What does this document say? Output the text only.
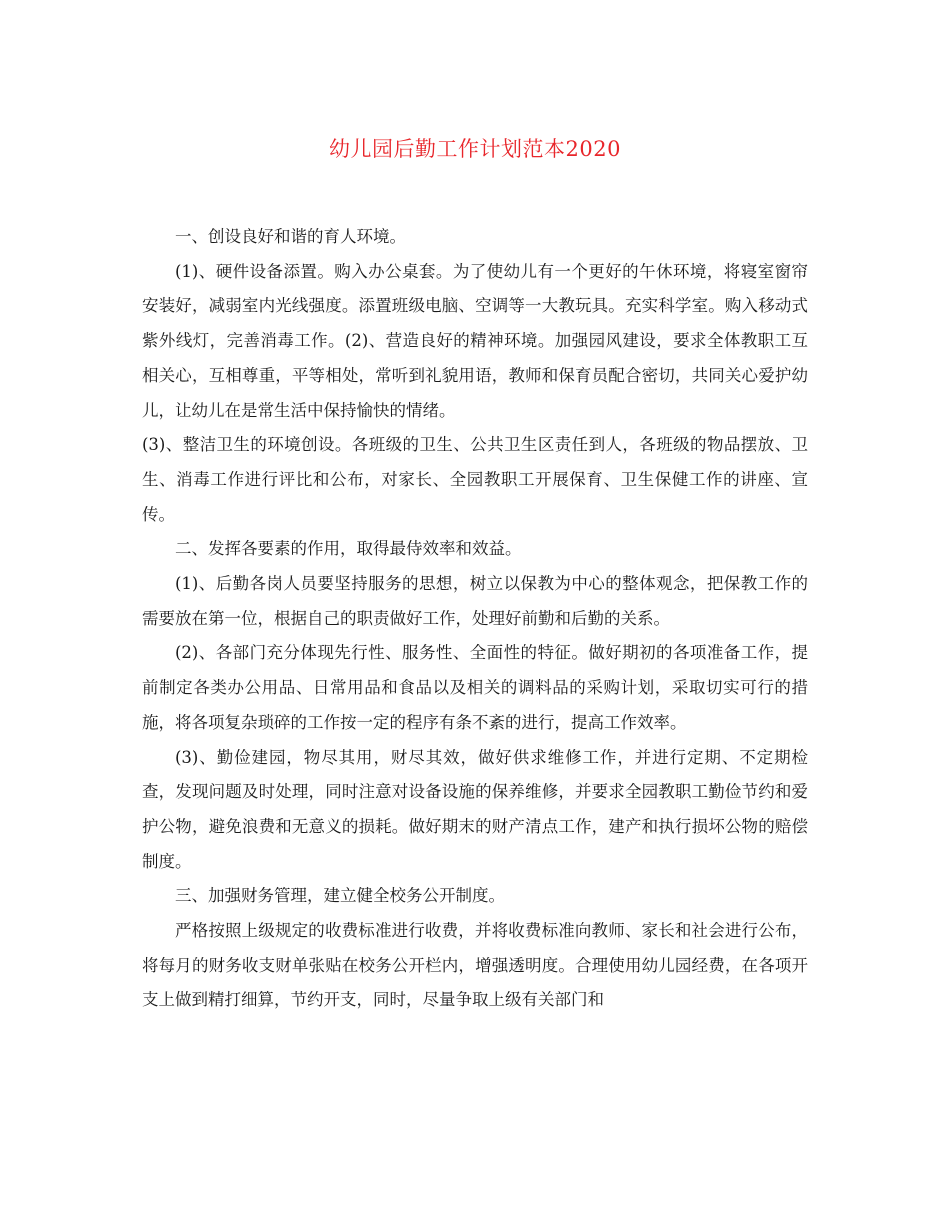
幼儿园后勤工作计划范本2020

一、创设良好和谐的育人环境。

(1)、硬件设备添置。购入办公桌套。为了使幼儿有一个更好的午休环境，将寝室窗帘安装好，减弱室内光线强度。添置班级电脑、空调等一大教玩具。充实科学室。购入移动式紫外线灯，完善消毒工作。(2)、营造良好的精神环境。加强园风建设，要求全体教职工互相关心，互相尊重，平等相处，常听到礼貌用语，教师和保育员配合密切，共同关心爱护幼儿，让幼儿在是常生活中保持愉快的情绪。

(3)、整洁卫生的环境创设。各班级的卫生、公共卫生区责任到人，各班级的物品摆放、卫生、消毒工作进行评比和公布，对家长、全园教职工开展保育、卫生保健工作的讲座、宣传。

二、发挥各要素的作用，取得最侍效率和效益。

(1)、后勤各岗人员要坚持服务的思想，树立以保教为中心的整体观念，把保教工作的需要放在第一位，根据自己的职责做好工作，处理好前勤和后勤的关系。

(2)、各部门充分体现先行性、服务性、全面性的特征。做好期初的各项准备工作，提前制定各类办公用品、日常用品和食品以及相关的调料品的采购计划，采取切实可行的措施，将各项复杂琐碎的工作按一定的程序有条不紊的进行，提高工作效率。

(3)、勤俭建园，物尽其用，财尽其效，做好供求维修工作，并进行定期、不定期检查，发现问题及时处理，同时注意对设备设施的保养维修，并要求全园教职工勤俭节约和爱护公物，避免浪费和无意义的损耗。做好期末的财产清点工作，建产和执行损坏公物的赔偿制度。

三、加强财务管理，建立健全校务公开制度。

严格按照上级规定的收费标准进行收费，并将收费标准向教师、家长和社会进行公布，将每月的财务收支财单张贴在校务公开栏内，增强透明度。合理使用幼儿园经费，在各项开支上做到精打细算，节约开支，同时，尽量争取上级有关部门和
